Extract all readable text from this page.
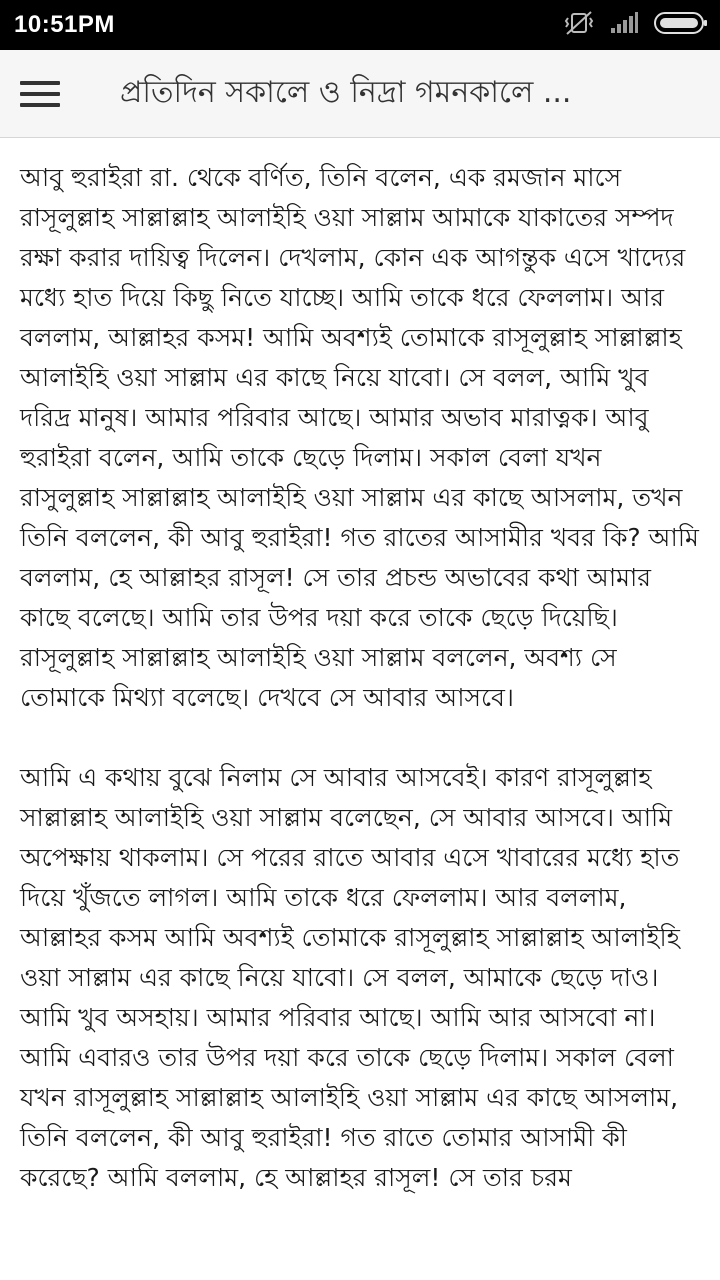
10:51PM
প্রতিদিন সকালে ও নিদ্রা গমনকালে ...

আবু হুরাইরা রা. থেকে বর্ণিত, তিনি বলেন, এক রমজান মাসে রাসূলুল্লাহ সাল্লাল্লাহ আলাইহি ওয়া সাল্লাম আমাকে যাকাতের সম্পদ রক্ষা করার দায়িত্ব দিলেন। দেখলাম, কোন এক আগন্তুক এসে খাদ্যের মধ্যে হাত দিয়ে কিছু নিতে যাচ্ছে। আমি তাকে ধরে ফেললাম। আর বললাম, আল্লাহর কসম! আমি অবশ্যই তোমাকে রাসূলুল্লাহ সাল্লাল্লাহ আলাইহি ওয়া সাল্লাম এর কাছে নিয়ে যাবো। সে বলল, আমি খুব দরিদ্র মানুষ। আমার পরিবার আছে। আমার অভাব মারাত্নক। আবু হুরাইরা বলেন, আমি তাকে ছেড়ে দিলাম। সকাল বেলা যখন রাসুলুল্লাহ সাল্লাল্লাহ আলাইহি ওয়া সাল্লাম এর কাছে আসলাম, তখন তিনি বললেন, কী আবু হুরাইরা! গত রাতের আসামীর খবর কি? আমি বললাম, হে আল্লাহর রাসূল! সে তার প্রচন্ড অভাবের কথা আমার কাছে বলেছে। আমি তার উপর দয়া করে তাকে ছেড়ে দিয়েছি। রাসূলুল্লাহ সাল্লাল্লাহ আলাইহি ওয়া সাল্লাম বললেন, অবশ্য সে তোমাকে মিথ্যা বলেছে। দেখবে সে আবার আসবে।

আমি এ কথায় বুঝে নিলাম সে আবার আসবেই। কারণ রাসূলুল্লাহ সাল্লাল্লাহ আলাইহি ওয়া সাল্লাম বলেছেন, সে আবার আসবে। আমি অপেক্ষায় থাকলাম। সে পরের রাতে আবার এসে খাবারের মধ্যে হাত দিয়ে খুঁজতে লাগল। আমি তাকে ধরে ফেললাম। আর বললাম, আল্লাহর কসম আমি অবশ্যই তোমাকে রাসূলুল্লাহ সাল্লাল্লাহ আলাইহি ওয়া সাল্লাম এর কাছে নিয়ে যাবো। সে বলল, আমাকে ছেড়ে দাও। আমি খুব অসহায়। আমার পরিবার আছে। আমি আর আসবো না। আমি এবারও তার উপর দয়া করে তাকে ছেড়ে দিলাম। সকাল বেলা যখন রাসূলুল্লাহ সাল্লাল্লাহ আলাইহি ওয়া সাল্লাম এর কাছে আসলাম, তিনি বললেন, কী আবু হুরাইরা! গত রাতে তোমার আসামী কী করেছে? আমি বললাম, হে আল্লাহর রাসূল! সে তার চরম
